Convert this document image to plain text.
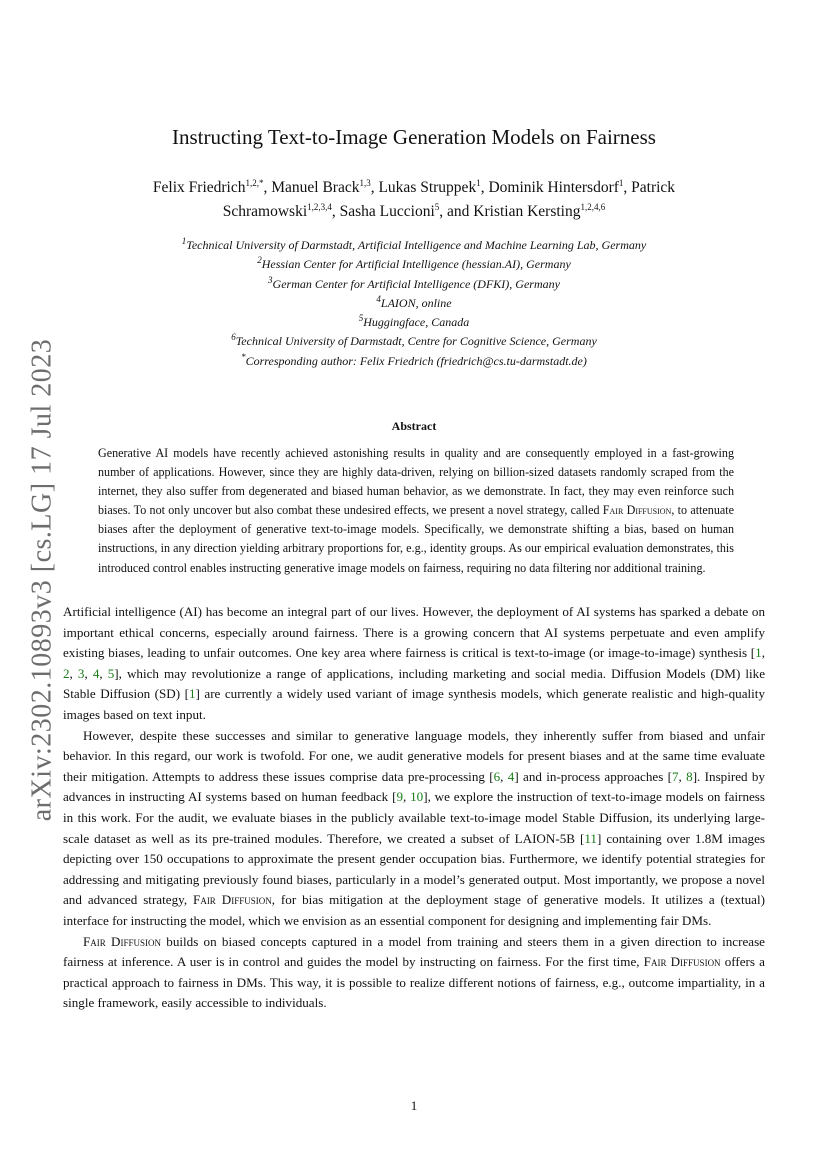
arXiv:2302.10893v3 [cs.LG] 17 Jul 2023
Instructing Text-to-Image Generation Models on Fairness

Felix Friedrich$^{1,2,*}$, Manuel Brack$^{1,3}$, Lukas Struppek$^1$, Dominik Hintersdorf$^1$, Patrick Schramowski$^{1,2,3,4}$, Sasha Luccioni$^5$, and Kristian Kersting$^{1,2,4,6}$

$^1$Technical University of Darmstadt, Artificial Intelligence and Machine Learning Lab, Germany

$^2$Hessian Center for Artificial Intelligence (hessian.AI), Germany

$^3$German Center for Artificial Intelligence (DFKI), Germany

$^4$LAION, online

$^5$Huggingface, Canada

$^6$Technical University of Darmstadt, Centre for Cognitive Science, Germany

*Corresponding author: Felix Friedrich (friedrich@cs.tu-darmstadt.de)

Abstract

Generative AI models have recently achieved astonishing results in quality and are consequently employed in a fast-growing number of applications. However, since they are highly data-driven, relying on billion-sized datasets randomly scraped from the internet, they also suffer from degenerated and biased human behavior, as we demonstrate. In fact, they may even reinforce such biases. To not only uncover but also combat these undesired effects, we present a novel strategy, called Fair Diffusion, to attenuate biases after the deployment of generative text-to-image models. Specifically, we demonstrate shifting a bias, based on human instructions, in any direction yielding arbitrary proportions for, e.g., identity groups. As our empirical evaluation demonstrates, this introduced control enables instructing generative image models on fairness, requiring no data filtering nor additional training.

Artificial intelligence (AI) has become an integral part of our lives. However, the deployment of AI systems has sparked a debate on important ethical concerns, especially around fairness. There is a growing concern that AI systems perpetuate and even amplify existing biases, leading to unfair outcomes. One key area where fairness is critical is text-to-image (or image-to-image) synthesis [1, 2, 3, 4, 5], which may revolutionize a range of applications, including marketing and social media. Diffusion Models (DM) like Stable Diffusion (SD) [1] are currently a widely used variant of image synthesis models, which generate realistic and high-quality images based on text input.

However, despite these successes and similar to generative language models, they inherently suffer from biased and unfair behavior. In this regard, our work is twofold. For one, we audit generative models for present biases and at the same time evaluate their mitigation. Attempts to address these issues comprise data pre-processing [6, 4] and in-process approaches [7, 8]. Inspired by advances in instructing AI systems based on human feedback [9, 10], we explore the instruction of text-to-image models on fairness in this work. For the audit, we evaluate biases in the publicly available text-to-image model Stable Diffusion, its underlying large-scale dataset as well as its pre-trained modules. Therefore, we created a subset of LAION-5B [11] containing over 1.8M images depicting over 150 occupations to approximate the present gender occupation bias. Furthermore, we identify potential strategies for addressing and mitigating previously found biases, particularly in a model’s generated output. Most importantly, we propose a novel and advanced strategy, Fair Diffusion, for bias mitigation at the deployment stage of generative models. It utilizes a (textual) interface for instructing the model, which we envision as an essential component for designing and implementing fair DMs.

Fair Diffusion builds on biased concepts captured in a model from training and steers them in a given direction to increase fairness at inference. A user is in control and guides the model by instructing on fairness. For the first time, Fair Diffusion offers a practical approach to fairness in DMs. This way, it is possible to realize different notions of fairness, e.g., outcome impartiality, in a single framework, easily accessible to individuals.

1
